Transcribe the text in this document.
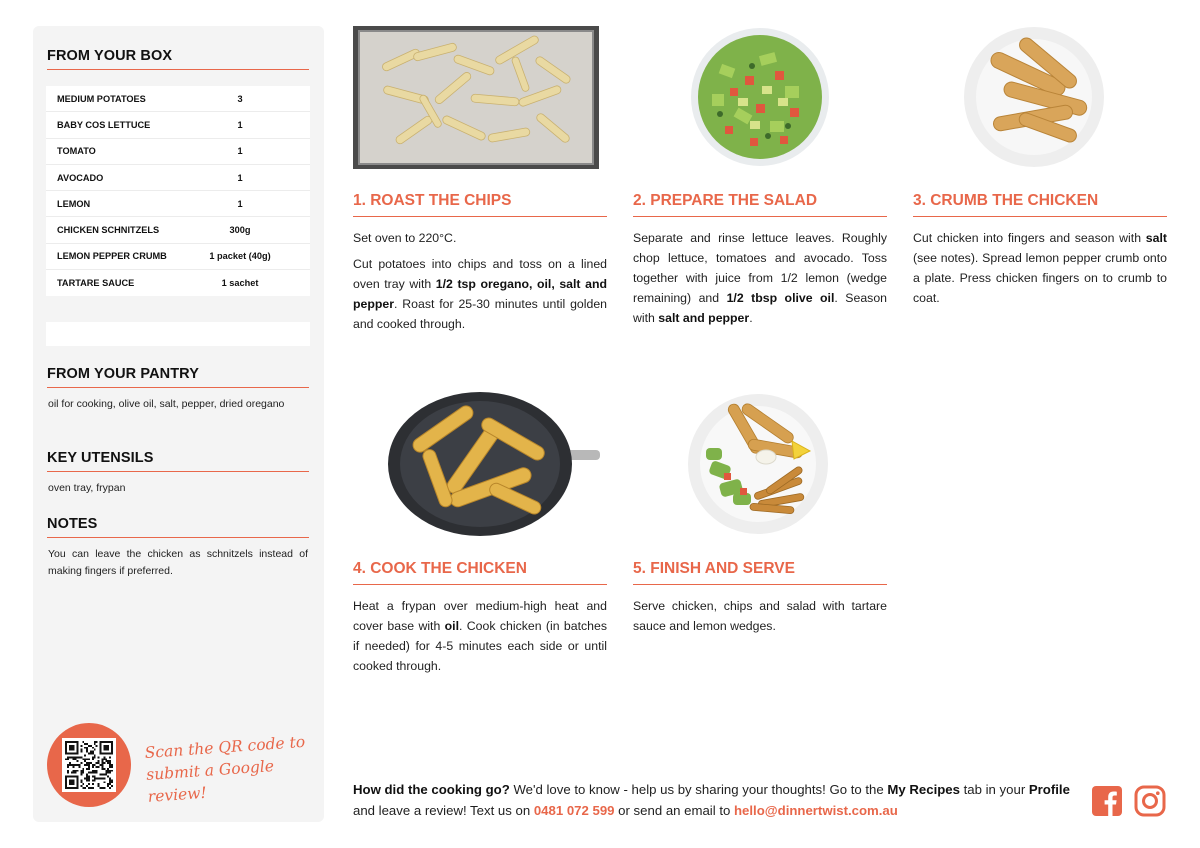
FROM YOUR BOX
MEDIUM POTATOES	3
BABY COS LETTUCE	1
TOMATO	1
AVOCADO	1
LEMON	1
CHICKEN SCHNITZELS	300g
LEMON PEPPER CRUMB	1 packet (40g)
TARTARE SAUCE	1 sachet
FROM YOUR PANTRY
oil for cooking, olive oil, salt, pepper, dried oregano
KEY UTENSILS
oven tray, frypan
NOTES
You can leave the chicken as schnitzels instead of making fingers if preferred.
Scan the QR code to submit a Google review!
1. ROAST THE CHIPS

Set oven to 220°C.

Cut potatoes into chips and toss on a lined oven tray with 1/2 tsp oregano, oil, salt and pepper. Roast for 25-30 minutes until golden and cooked through.

2. PREPARE THE SALAD

Separate and rinse lettuce leaves. Roughly chop lettuce, tomatoes and avocado. Toss together with juice from 1/2 lemon (wedge remaining) and 1/2 tbsp olive oil. Season with salt and pepper.

3. CRUMB THE CHICKEN

Cut chicken into fingers and season with salt (see notes). Spread lemon pepper crumb onto a plate. Press chicken fingers on to crumb to coat.

4. COOK THE CHICKEN

Heat a frypan over medium-high heat and cover base with oil. Cook chicken (in batches if needed) for 4-5 minutes each side or until cooked through.

5. FINISH AND SERVE

Serve chicken, chips and salad with tartare sauce and lemon wedges.

How did the cooking go? We'd love to know - help us by sharing your thoughts! Go to the My Recipes tab in your Profile and leave a review! Text us on 0481 072 599 or send an email to hello@dinnertwist.com.au
